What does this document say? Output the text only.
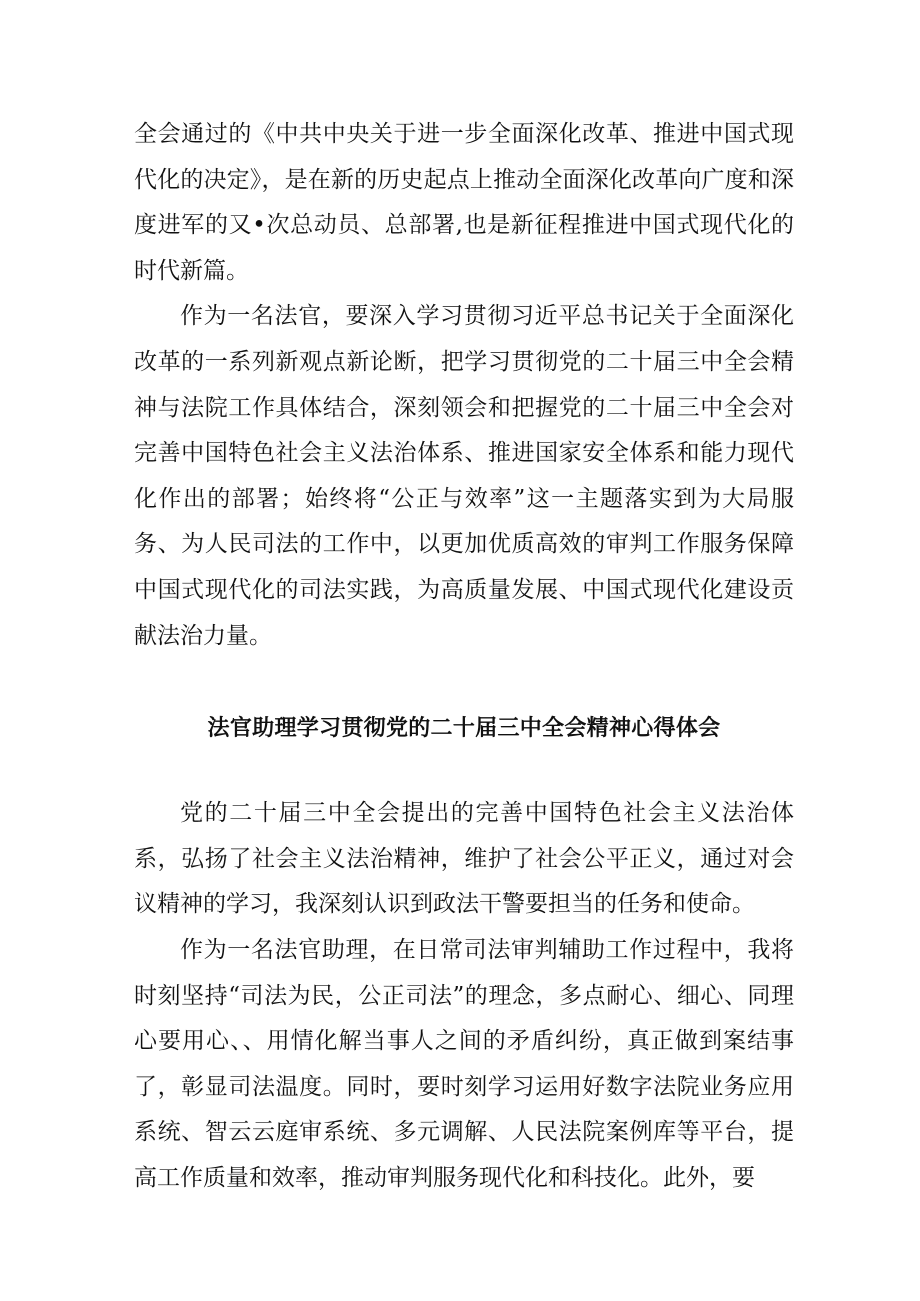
全会通过的《中共中央关于进一步全面深化改革、推进中国式现代化的决定》，是在新的历史起点上推动全面深化改革向广度和深度进军的又•次总动员、总部署,也是新征程推进中国式现代化的时代新篇。

作为一名法官，要深入学习贯彻习近平总书记关于全面深化改革的一系列新观点新论断，把学习贯彻党的二十届三中全会精神与法院工作具体结合，深刻领会和把握党的二十届三中全会对完善中国特色社会主义法治体系、推进国家安全体系和能力现代化作出的部署；始终将“公正与效率”这一主题落实到为大局服务、为人民司法的工作中，以更加优质高效的审判工作服务保障中国式现代化的司法实践，为高质量发展、中国式现代化建设贡献法治力量。

法官助理学习贯彻党的二十届三中全会精神心得体会

党的二十届三中全会提出的完善中国特色社会主义法治体系，弘扬了社会主义法治精神，维护了社会公平正义，通过对会议精神的学习，我深刻认识到政法干警要担当的任务和使命。

作为一名法官助理，在日常司法审判辅助工作过程中，我将时刻坚持“司法为民，公正司法”的理念，多点耐心、细心、同理心要用心、、用情化解当事人之间的矛盾纠纷，真正做到案结事了，彰显司法温度。同时，要时刻学习运用好数字法院业务应用系统、智云云庭审系统、多元调解、人民法院案例库等平台，提高工作质量和效率，推动审判服务现代化和科技化。此外，要
